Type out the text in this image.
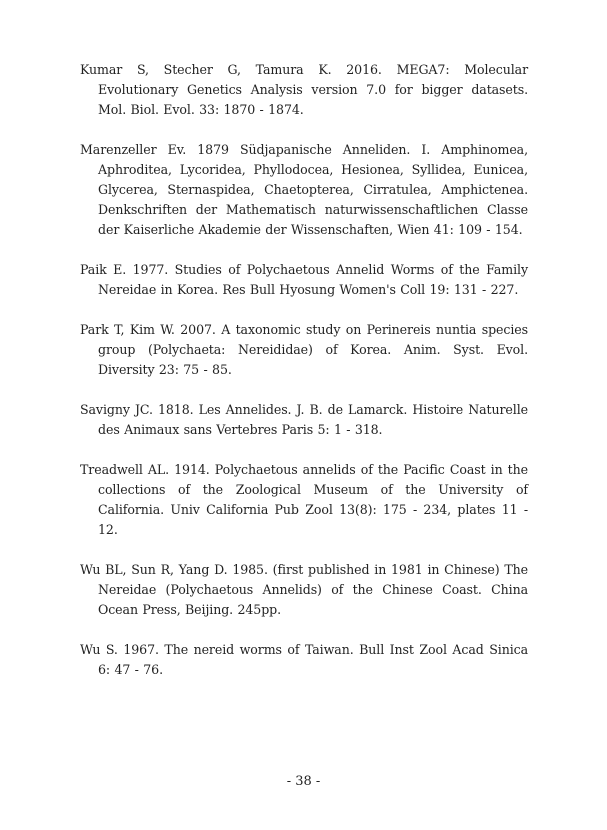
Kumar S, Stecher G, Tamura K. 2016. MEGA7: Molecular Evolutionary Genetics Analysis version 7.0 for bigger datasets. Mol. Biol. Evol. 33: 1870 - 1874.
Marenzeller Ev. 1879 Südjapanische Anneliden. I. Amphinomea, Aphroditea, Lycoridea, Phyllodocea, Hesionea, Syllidea, Eunicea, Glycerea, Sternaspidea, Chaetopterea, Cirratulea, Amphictenea. Denkschriften der Mathematisch naturwissenschaftlichen Classe der Kaiserliche Akademie der Wissenschaften, Wien 41: 109 - 154.
Paik E. 1977. Studies of Polychaetous Annelid Worms of the Family Nereidae in Korea. Res Bull Hyosung Women's Coll 19: 131 - 227.
Park T, Kim W. 2007. A taxonomic study on Perinereis nuntia species group (Polychaeta: Nereididae) of Korea. Anim. Syst. Evol. Diversity 23: 75 - 85.
Savigny JC. 1818. Les Annelides. J. B. de Lamarck. Histoire Naturelle des Animaux sans Vertebres Paris 5: 1 - 318.
Treadwell AL. 1914. Polychaetous annelids of the Pacific Coast in the collections of the Zoological Museum of the University of California. Univ California Pub Zool 13(8): 175 - 234, plates 11 - 12.
Wu BL, Sun R, Yang D. 1985. (first published in 1981 in Chinese) The Nereidae (Polychaetous Annelids) of the Chinese Coast. China Ocean Press, Beijing. 245pp.
Wu S. 1967. The nereid worms of Taiwan. Bull Inst Zool Acad Sinica 6: 47 - 76.
- 38 -
